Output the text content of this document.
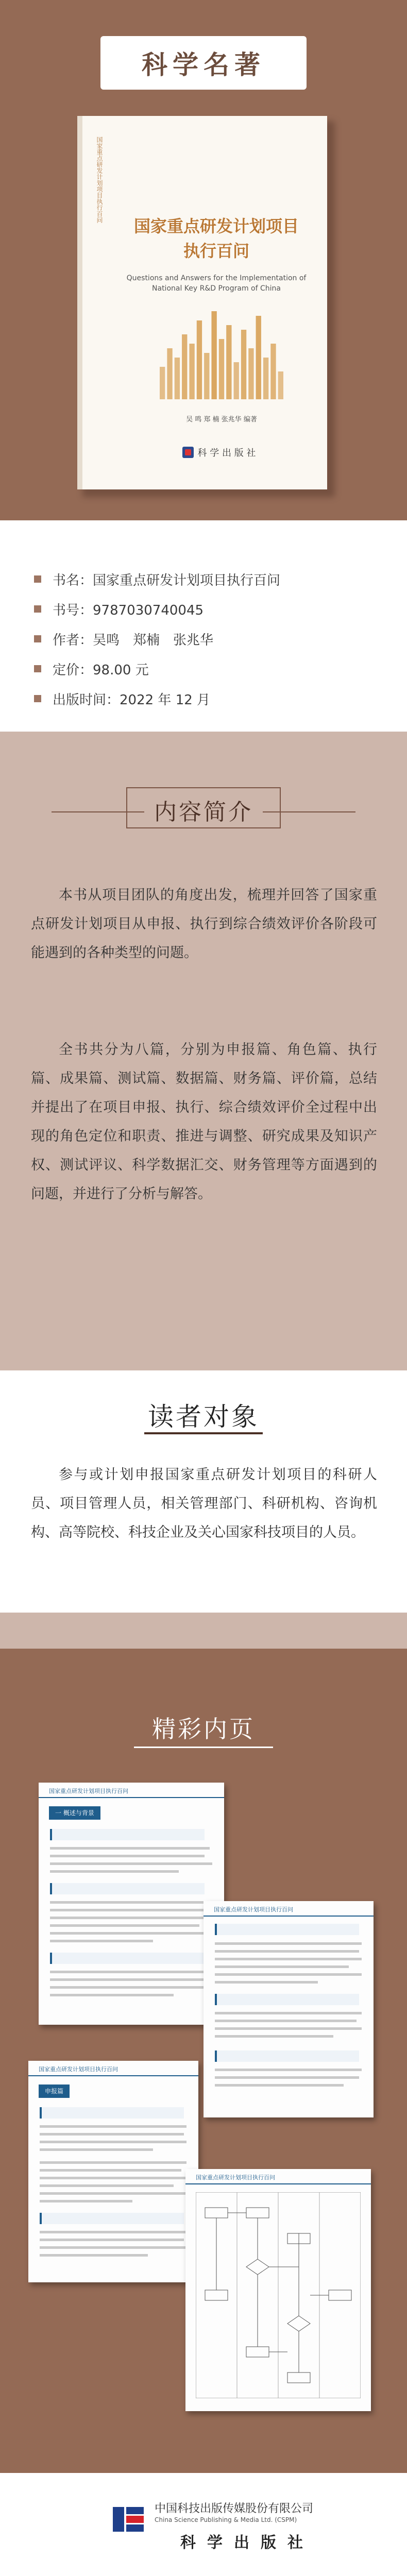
科学名著
国家重点研发计划项目执行百问
国家重点研发计划项目
执行百问
Questions and Answers for the Implementation of National Key R&D Program of China
吴 鸣 郑 楠 张兆华 编著
科 学 出 版 社
书名：国家重点研发计划项目执行百问
书号：9787030740045
作者：吴鸣　郑楠　张兆华
定价：98.00 元
出版时间：2022 年 12 月
内容简介

本书从项目团队的角度出发，梳理并回答了国家重点研发计划项目从申报、执行到综合绩效评价各阶段可能遇到的各种类型的问题。

全书共分为八篇，分别为申报篇、角色篇、执行篇、成果篇、测试篇、数据篇、财务篇、评价篇，总结并提出了在项目申报、执行、综合绩效评价全过程中出现的角色定位和职责、推进与调整、研究成果及知识产权、测试评议、科学数据汇交、财务管理等方面遇到的问题，并进行了分析与解答。

读者对象

参与或计划申报国家重点研发计划项目的科研人员、项目管理人员，相关管理部门、科研机构、咨询机构、高等院校、科技企业及关心国家科技项目的人员。

精彩内页
国家重点研发计划项目执行百问
一 概述与背景
国家重点研发计划项目执行百问
国家重点研发计划项目执行百问
申报篇
国家重点研发计划项目执行百问
中国科技出版传媒股份有限公司
China Science Publishing & Media Ltd. (CSPM)
科学出版社
